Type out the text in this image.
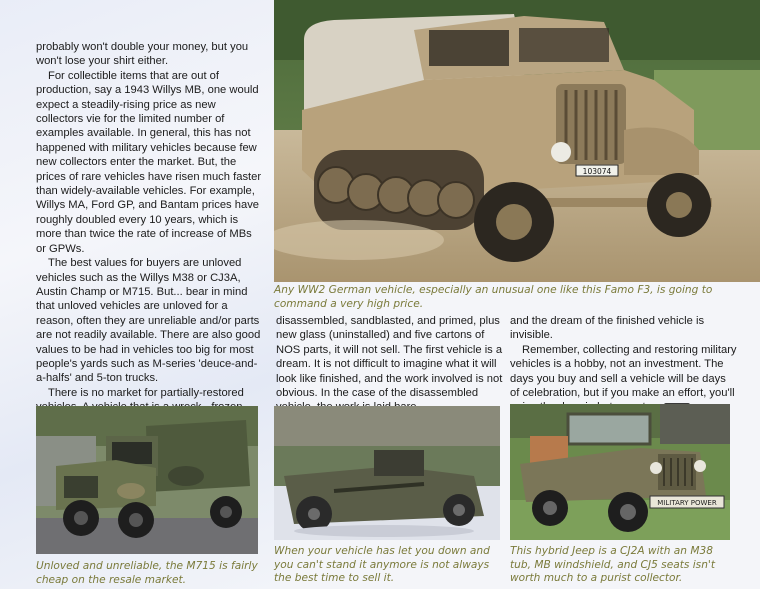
probably won't double your money, but you won't lose your shirt either.

For collectible items that are out of production, say a 1943 Willys MB, one would expect a steadily-rising price as new collectors vie for the limited number of examples available. In general, this has not happened with military vehicles because few new collectors enter the market. But, the prices of rare vehicles have risen much faster than widely-available vehicles. For example, Willys MA, Ford GP, and Bantam prices have roughly doubled every 10 years, which is more than twice the rate of increase of MBs or GPWs.

The best values for buyers are unloved vehicles such as the Willys M38 or CJ3A, Austin Champ or M715. But... bear in mind that unloved vehicles are unloved for a reason, often they are unreliable and/or parts are not readily available. There are also good values to be had in vehicles too big for most people's yards such as M-series 'deuce-and-a-halfs' and 5-ton trucks.

There is no market for partially-restored

103074
Any WW2 German vehicle, especially an unusual one like this Famo F3, is going to command a very high price.

disassembled, sandblasted, and primed, plus new glass (uninstalled) and five cartons of NOS parts, it will not sell. The first vehicle is a dream. It is not difficult to imagine what it will look like finished, and the work involved is not obvious. In the case of the disassembled

and the dream of the finished vehicle is invisible.

Remember, collecting and restoring military vehicles is a hobby, not an investment. The days you buy and sell a vehicle will be days of celebration, but if you make an effort, you'll

Unloved and unreliable, the M715 is fairly cheap on the resale market.
When your vehicle has let you down and you can't stand it anymore is not always the best time to sell it.
MILITARY POWER
This hybrid Jeep is a CJ2A with an M38 tub, MB windshield, and CJ5 seats isn't worth much to a purist collector.
